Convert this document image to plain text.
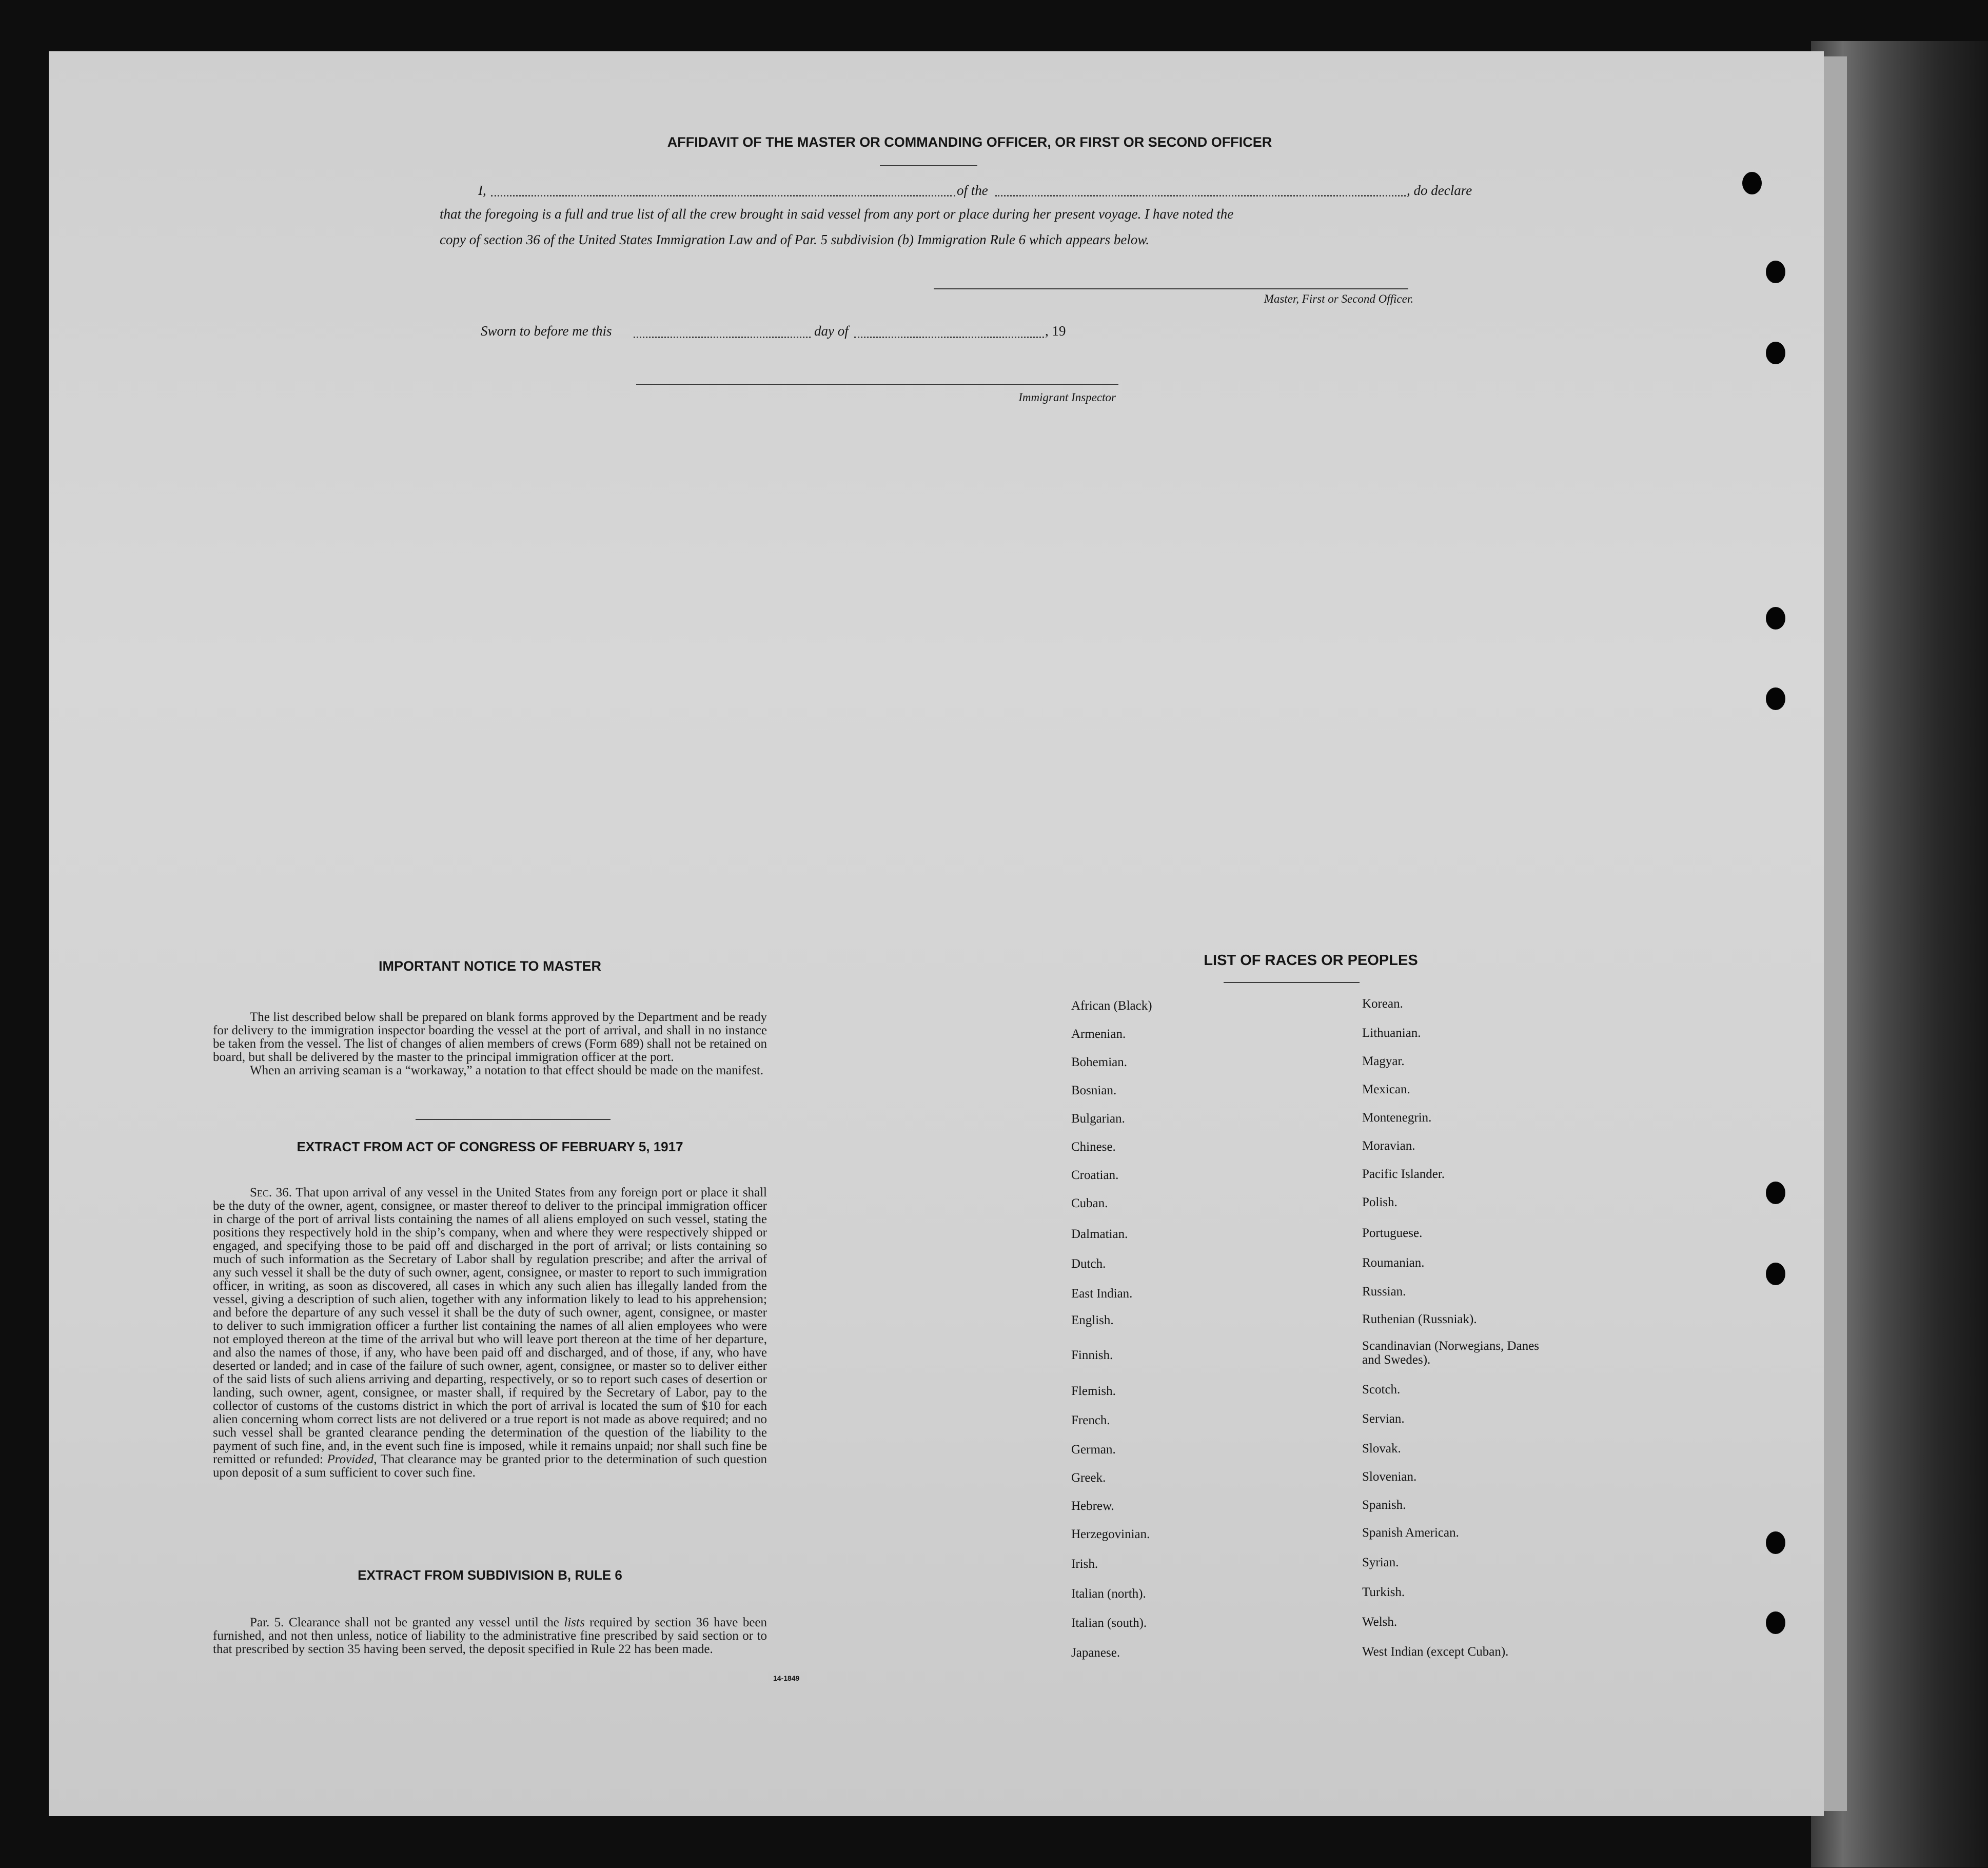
AFFIDAVIT OF THE MASTER OR COMMANDING OFFICER, OR FIRST OR SECOND OFFICER
I,	of the	, do declare
that the foregoing is a full and true list of all the crew brought in said vessel from any port or place during her present voyage. I have noted the
copy of section 36 of the United States Immigration Law and of Par. 5 subdivision (b) Immigration Rule 6 which appears below.
Master, First or Second Officer.
Sworn to before me this	day of	, 19
Immigrant Inspector
IMPORTANT NOTICE TO MASTER
The list described below shall be prepared on blank forms approved by the Department and be ready for delivery to the immigration inspector boarding the vessel at the port of arrival, and shall in no instance be taken from the vessel. The list of changes of alien members of crews (Form 689) shall not be retained on board, but shall be delivered by the master to the principal immigration officer at the port.
When an arriving seaman is a “workaway,” a notation to that effect should be made on the manifest.
EXTRACT FROM ACT OF CONGRESS OF FEBRUARY 5, 1917
Sec. 36. That upon arrival of any vessel in the United States from any foreign port or place it shall be the duty of the owner, agent, consignee, or master thereof to deliver to the principal immigration officer in charge of the port of arrival lists containing the names of all aliens employed on such vessel, stating the positions they respectively hold in the ship’s company, when and where they were respectively shipped or engaged, and specifying those to be paid off and discharged in the port of arrival; or lists containing so much of such information as the Secretary of Labor shall by regulation prescribe; and after the arrival of any such vessel it shall be the duty of such owner, agent, consignee, or master to report to such immigration officer, in writing, as soon as discovered, all cases in which any such alien has illegally landed from the vessel, giving a description of such alien, together with any information likely to lead to his apprehension; and before the departure of any such vessel it shall be the duty of such owner, agent, consignee, or master to deliver to such immigration officer a further list containing the names of all alien employees who were not employed thereon at the time of the arrival but who will leave port thereon at the time of her departure, and also the names of those, if any, who have been paid off and discharged, and of those, if any, who have deserted or landed; and in case of the failure of such owner, agent, consignee, or master so to deliver either of the said lists of such aliens arriving and departing, respectively, or so to report such cases of desertion or landing, such owner, agent, consignee, or master shall, if required by the Secretary of Labor, pay to the collector of customs of the customs district in which the port of arrival is located the sum of $10 for each alien concerning whom correct lists are not delivered or a true report is not made as above required; and no such vessel shall be granted clearance pending the determination of the question of the liability to the payment of such fine, and, in the event such fine is imposed, while it remains unpaid; nor shall such fine be remitted or refunded: Provided, That clearance may be granted prior to the determination of such question upon deposit of a sum sufficient to cover such fine.
EXTRACT FROM SUBDIVISION B, RULE 6
Par. 5. Clearance shall not be granted any vessel until the lists required by section 36 have been furnished, and not then unless, notice of liability to the administrative fine prescribed by said section or to that prescribed by section 35 having been served, the deposit specified in Rule 22 has been made.
14-1849
LIST OF RACES OR PEOPLES
African (Black)
Armenian.
Bohemian.
Bosnian.
Bulgarian.
Chinese.
Croatian.
Cuban.
Dalmatian.
Dutch.
East Indian.
English.
Finnish.
Flemish.
French.
German.
Greek.
Hebrew.
Herzegovinian.
Irish.
Italian (north).
Italian (south).
Japanese.
Korean.
Lithuanian.
Magyar.
Mexican.
Montenegrin.
Moravian.
Pacific Islander.
Polish.
Portuguese.
Roumanian.
Russian.
Ruthenian (Russniak).
Scandinavian (Norwegians, Danes and Swedes).
Scotch.
Servian.
Slovak.
Slovenian.
Spanish.
Spanish American.
Syrian.
Turkish.
Welsh.
West Indian (except Cuban).
